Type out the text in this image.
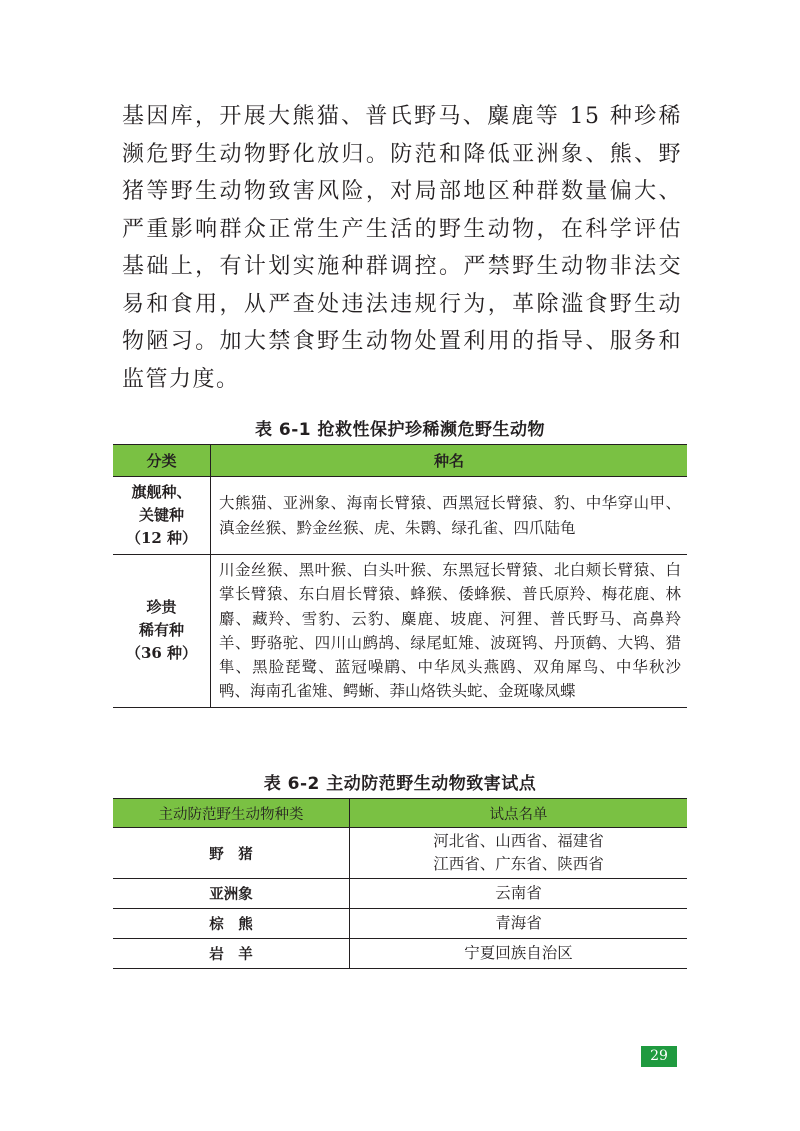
基因库，开展大熊猫、普氏野马、麋鹿等 15 种珍稀濒危野生动物野化放归。防范和降低亚洲象、熊、野猪等野生动物致害风险，对局部地区种群数量偏大、严重影响群众正常生产生活的野生动物，在科学评估基础上，有计划实施种群调控。严禁野生动物非法交易和食用，从严查处违法违规行为，革除滥食野生动物陋习。加大禁食野生动物处置利用的指导、服务和监管力度。

表 6-1 抢救性保护珍稀濒危野生动物
分类	种名

旗舰种、
关键种
（12 种）	大熊猫、亚洲象、海南长臂猿、西黑冠长臂猿、豹、中华穿山甲、滇金丝猴、黔金丝猴、虎、朱鹮、绿孔雀、四爪陆龟

珍贵
稀有种
（36 种）	川金丝猴、黑叶猴、白头叶猴、东黑冠长臂猿、北白颊长臂猿、白掌长臂猿、东白眉长臂猿、蜂猴、倭蜂猴、普氏原羚、梅花鹿、林麝、藏羚、雪豹、云豹、麋鹿、坡鹿、河狸、普氏野马、高鼻羚羊、野骆驼、四川山鹧鸪、绿尾虹雉、波斑鸨、丹顶鹤、大鸨、猎隼、黑脸琵鹭、蓝冠噪鹛、中华凤头燕鸥、双角犀鸟、中华秋沙鸭、海南孔雀雉、鳄蜥、莽山烙铁头蛇、金斑喙凤蝶
表 6-2 主动防范野生动物致害试点
主动防范野生动物种类	试点名单
野　猪	河北省、山西省、福建省
江西省、广东省、陕西省

亚洲象	云南省
棕　熊	青海省
岩　羊	宁夏回族自治区
29
